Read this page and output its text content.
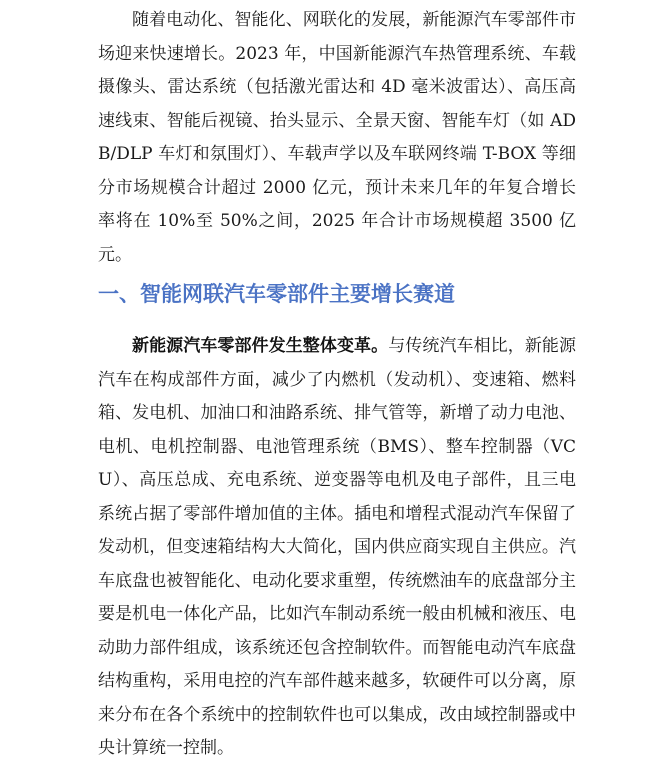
随着电动化、智能化、网联化的发展，新能源汽车零部件市场迎来快速增长。2023 年，中国新能源汽车热管理系统、车载摄像头、雷达系统（包括激光雷达和 4D 毫米波雷达）、高压高速线束、智能后视镜、抬头显示、全景天窗、智能车灯（如 ADB/DLP 车灯和氛围灯）、车载声学以及车联网终端 T-BOX 等细分市场规模合计超过 2000 亿元，预计未来几年的年复合增长率将在 10%至 50%之间，2025 年合计市场规模超 3500 亿元。

一、智能网联汽车零部件主要增长赛道

新能源汽车零部件发生整体变革。与传统汽车相比，新能源汽车在构成部件方面，减少了内燃机（发动机）、变速箱、燃料箱、发电机、加油口和油路系统、排气管等，新增了动力电池、电机、电机控制器、电池管理系统（BMS）、整车控制器（VCU）、高压总成、充电系统、逆变器等电机及电子部件，且三电系统占据了零部件增加值的主体。插电和增程式混动汽车保留了发动机，但变速箱结构大大简化，国内供应商实现自主供应。汽车底盘也被智能化、电动化要求重塑，传统燃油车的底盘部分主要是机电一体化产品，比如汽车制动系统一般由机械和液压、电动助力部件组成，该系统还包含控制软件。而智能电动汽车底盘结构重构，采用电控的汽车部件越来越多，软硬件可以分离，原来分布在各个系统中的控制软件也可以集成，改由域控制器或中央计算统一控制。
